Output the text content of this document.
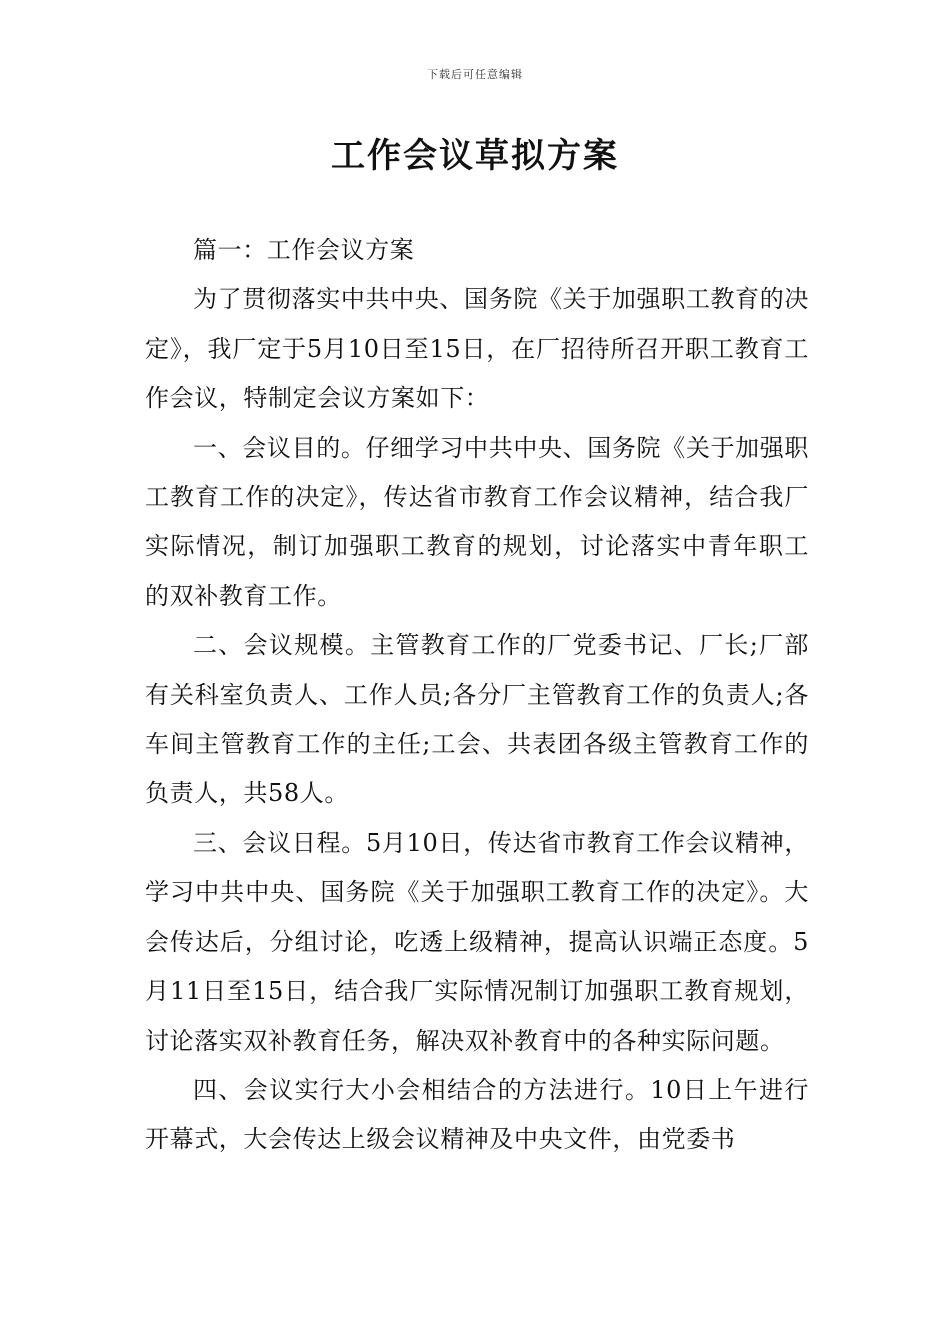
下载后可任意编辑
工作会议草拟方案

篇一：工作会议方案

为了贯彻落实中共中央、国务院《关于加强职工教育的决定》，我厂定于5月10日至15日，在厂招待所召开职工教育工作会议，特制定会议方案如下：

一、会议目的。仔细学习中共中央、国务院《关于加强职工教育工作的决定》，传达省市教育工作会议精神，结合我厂实际情况，制订加强职工教育的规划，讨论落实中青年职工的双补教育工作。

二、会议规模。主管教育工作的厂党委书记、厂长;厂部有关科室负责人、工作人员;各分厂主管教育工作的负责人;各车间主管教育工作的主任;工会、共表团各级主管教育工作的负责人，共58人。

三、会议日程。5月10日，传达省市教育工作会议精神，学习中共中央、国务院《关于加强职工教育工作的决定》。大会传达后，分组讨论，吃透上级精神，提高认识端正态度。5月11日至15日，结合我厂实际情况制订加强职工教育规划，讨论落实双补教育任务，解决双补教育中的各种实际问题。

四、会议实行大小会相结合的方法进行。10日上午进行开幕式，大会传达上级会议精神及中央文件，由党委书
